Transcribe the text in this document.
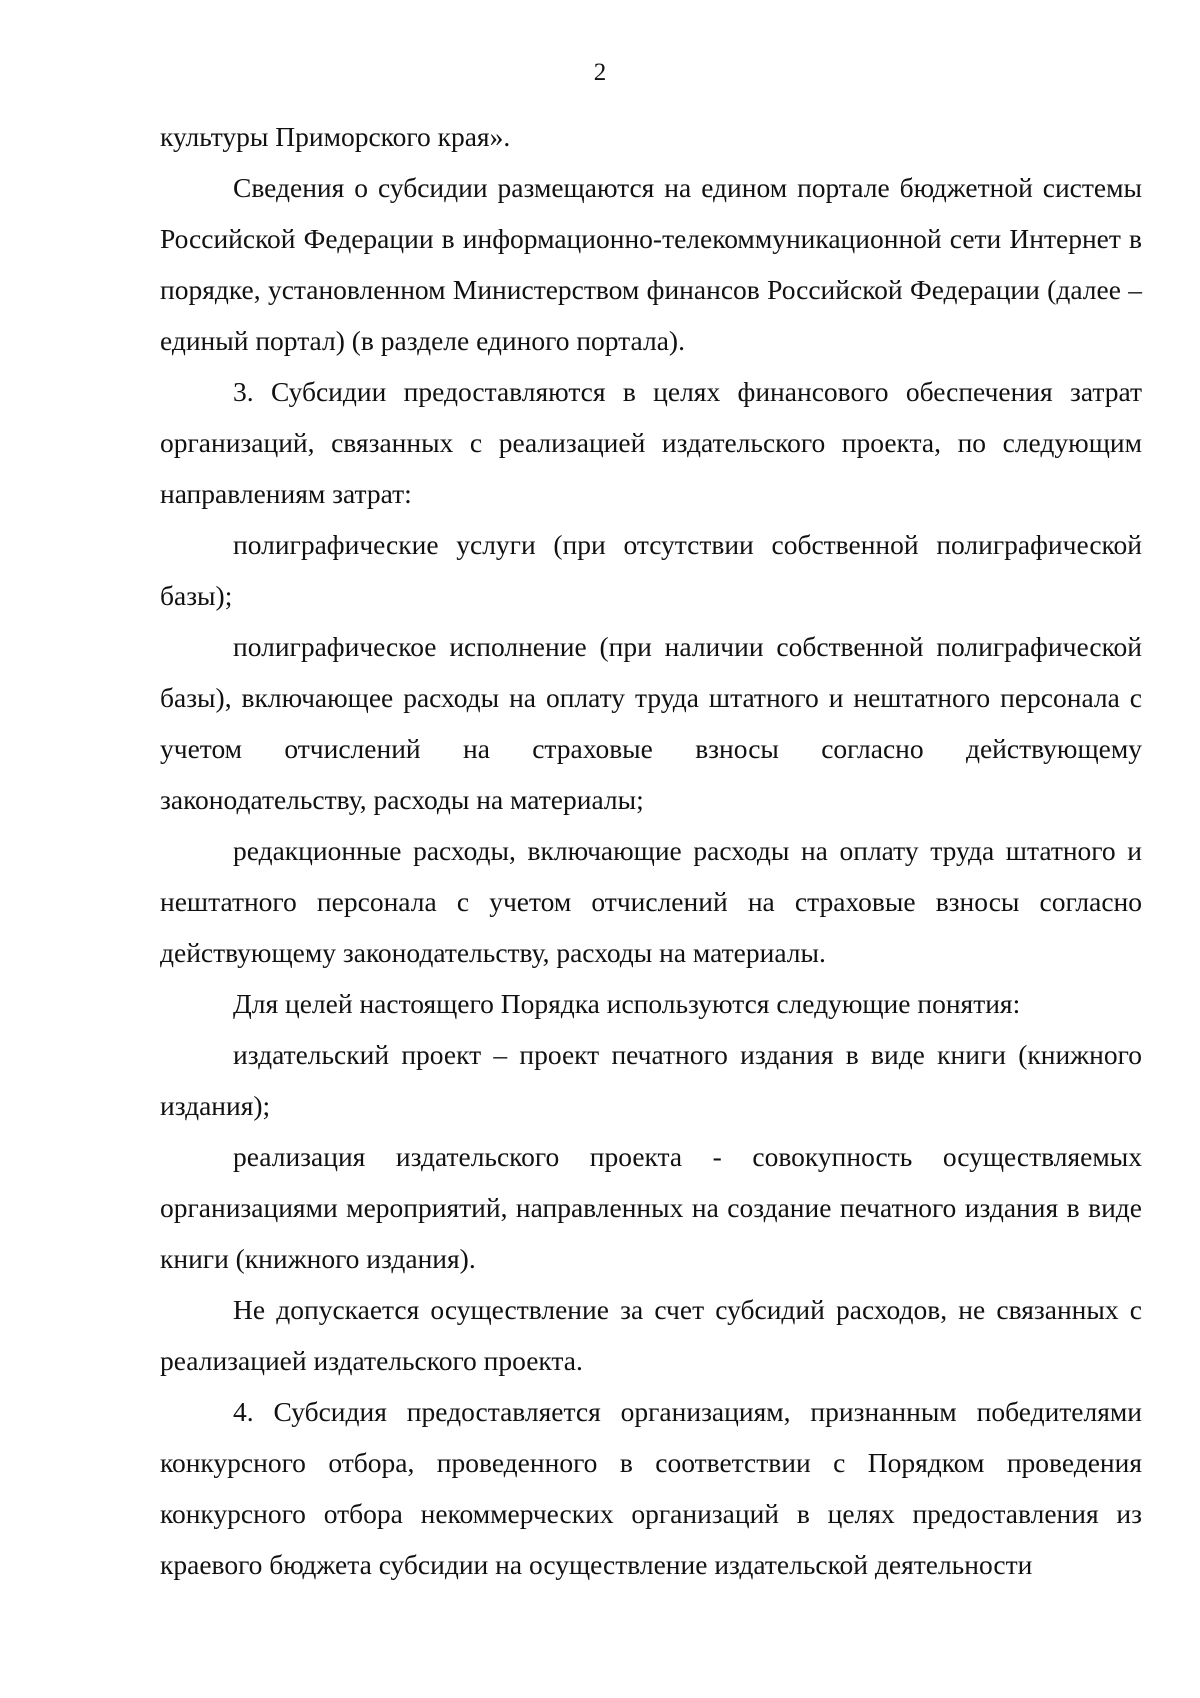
2

культуры Приморского края».

Сведения о субсидии размещаются на едином портале бюджетной системы Российской Федерации в информационно-телекоммуникационной сети Интернет в порядке, установленном Министерством финансов Российской Федерации (далее – единый портал) (в разделе единого портала).

3. Субсидии предоставляются в целях финансового обеспечения затрат организаций, связанных с реализацией издательского проекта, по следующим направлениям затрат:

полиграфические услуги (при отсутствии собственной полиграфической базы);

полиграфическое исполнение (при наличии собственной полиграфической базы), включающее расходы на оплату труда штатного и нештатного персонала с учетом отчислений на страховые взносы согласно действующему законодательству, расходы на материалы;

редакционные расходы, включающие расходы на оплату труда штатного и нештатного персонала с учетом отчислений на страховые взносы согласно действующему законодательству, расходы на материалы.

Для целей настоящего Порядка используются следующие понятия:

издательский проект – проект печатного издания в виде книги (книжного издания);

реализация издательского проекта - совокупность осуществляемых организациями мероприятий, направленных на создание печатного издания в виде книги (книжного издания).

Не допускается осуществление за счет субсидий расходов, не связанных с реализацией издательского проекта.

4. Субсидия предоставляется организациям, признанным победителями конкурсного отбора, проведенного в соответствии с Порядком проведения конкурсного отбора некоммерческих организаций в целях предоставления из краевого бюджета субсидии на осуществление издательской деятельности
